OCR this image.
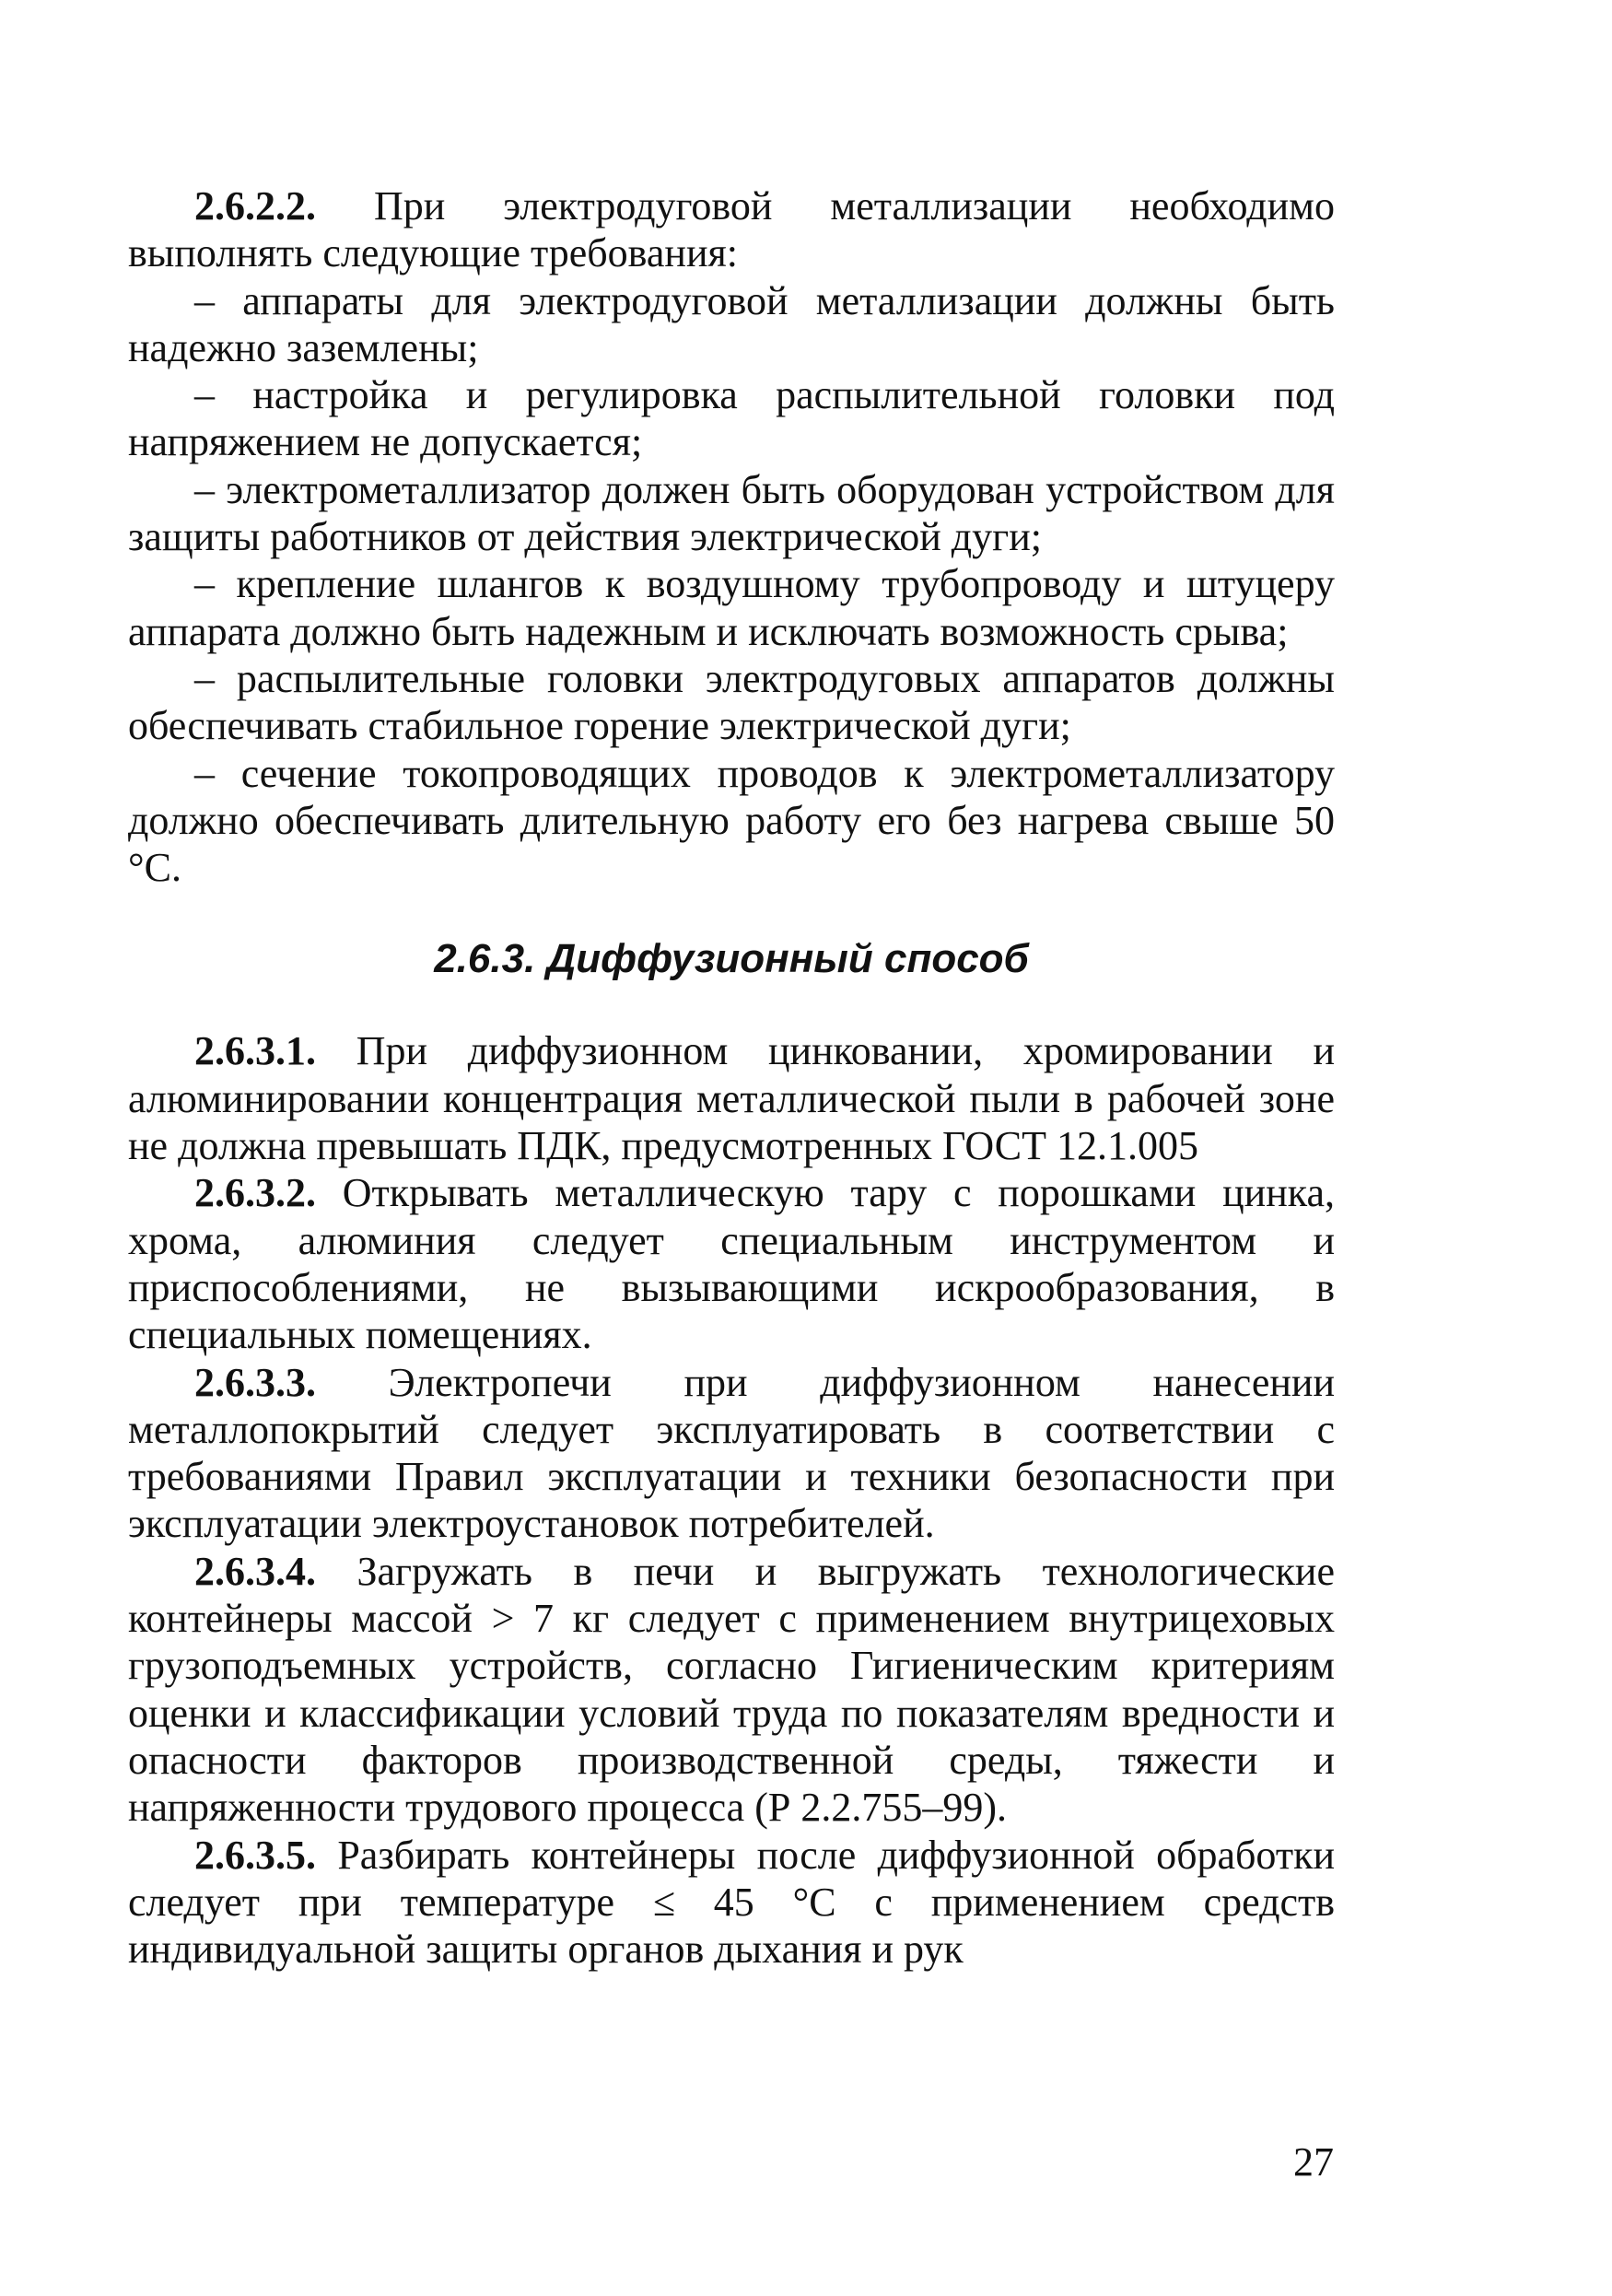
2.6.2.2. При электродуговой металлизации необходимо выполнять следующие требования:

– аппараты для электродуговой металлизации должны быть надежно заземлены;

– настройка и регулировка распылительной головки под напряжением не допускается;

– электрометаллизатор должен быть оборудован устройством для защиты работников от действия электрической дуги;

– крепление шлангов к воздушному трубопроводу и штуцеру аппарата должно быть надежным и исключать возможность срыва;

– распылительные головки электродуговых аппаратов должны обеспечивать стабильное горение электрической дуги;

– сечение токопроводящих проводов к электрометаллизатору должно обеспечивать длительную работу его без нагрева свыше 50 °С.

2.6.3. Диффузионный способ

2.6.3.1. При диффузионном цинковании, хромировании и алюминировании концентрация металлической пыли в рабочей зоне не должна превышать ПДК, предусмотренных ГОСТ 12.1.005

2.6.3.2. Открывать металлическую тару с порошками цинка, хрома, алюминия следует специальным инструментом и приспособлениями, не вызывающими искрообразования, в специальных помещениях.

2.6.3.3. Электропечи при диффузионном нанесении металлопокрытий следует эксплуатировать в соответствии с требованиями Правил эксплуатации и техники безопасности при эксплуатации электроустановок потребителей.

2.6.3.4. Загружать в печи и выгружать технологические контейнеры массой > 7 кг следует с применением внутрицеховых грузоподъемных устройств, согласно Гигиеническим критериям оценки и классификации условий труда по показателям вредности и опасности факторов производственной среды, тяжести и напряженности трудового процесса (Р 2.2.755–99).

2.6.3.5. Разбирать контейнеры после диффузионной обработки следует при температуре ≤ 45 °С с применением средств индивидуальной защиты органов дыхания и рук

27
